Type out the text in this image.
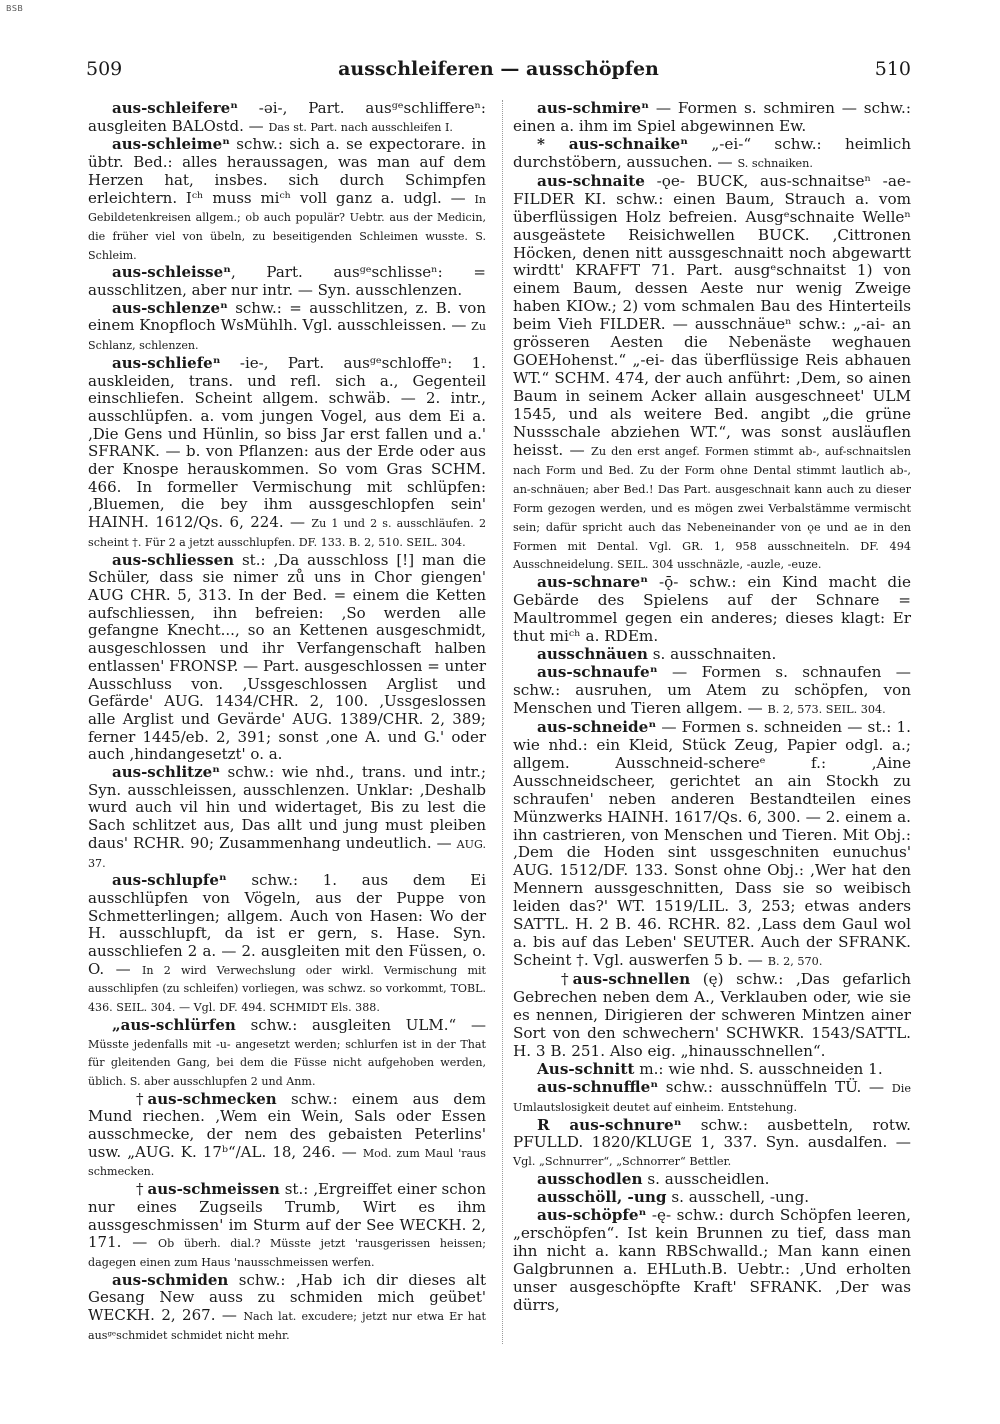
BSB
509	ausschleiferen — ausschöpfen	510

aus-schleifereⁿ -əi-, Part. ausᵍᵉschliffereⁿ: ausgleiten BALOstd. — Das st. Part. nach ausschleifen I.

aus-schleimeⁿ schw.: sich a. se expectorare. in übtr. Bed.: alles heraussagen, was man auf dem Herzen hat, insbes. sich durch Schimpfen erleichtern. Iᶜʰ muss miᶜʰ voll ganz a. udgl. — In Gebildetenkreisen allgem.; ob auch populär? Uebtr. aus der Medicin, die früher viel von übeln, zu beseitigenden Schleimen wusste. S. Schleim.

aus-schleisseⁿ, Part. ausᵍᵉschlisseⁿ: = ausschlitzen, aber nur intr. — Syn. ausschlenzen.

aus-schlenzeⁿ schw.: = ausschlitzen, z. B. von einem Knopfloch WsMühlh. Vgl. ausschleissen. — Zu Schlanz, schlenzen.

aus-schliefeⁿ -ie-, Part. ausᵍᵉschloffeⁿ: 1. auskleiden, trans. und refl. sich a., Gegenteil einschliefen. Scheint allgem. schwäb. — 2. intr., ausschlüpfen. a. vom jungen Vogel, aus dem Ei a. ‚Die Gens und Hünlin, so biss Jar erst fallen und a.' SFRANK. — b. von Pflanzen: aus der Erde oder aus der Knospe herauskommen. So vom Gras SCHM. 466. In formeller Vermischung mit schlüpfen: ‚Bluemen, die bey ihm aussgeschlopfen sein' HAINH. 1612/Qs. 6, 224. — Zu 1 und 2 s. ausschläufen. 2 scheint †. Für 2 a jetzt ausschlupfen. DF. 133. B. 2, 510. SEIL. 304.

aus-schliessen st.: ‚Da ausschloss [!] man die Schüler, dass sie nimer zů uns in Chor giengen' AUG CHR. 5, 313. In der Bed. = einem die Ketten aufschliessen, ihn befreien: ‚So werden alle gefangne Knecht..., so an Kettenen ausgeschmidt, ausgeschlossen und ihr Verfangenschaft halben entlassen' FRONSP. — Part. ausgeschlossen = unter Ausschluss von. ‚Ussgeschlossen Arglist und Gefärde' AUG. 1434/CHR. 2, 100. ‚Ussgeslossen alle Arglist und Gevärde' AUG. 1389/CHR. 2, 389; ferner 1445/eb. 2, 391; sonst ‚one A. und G.' oder auch ‚hindangesetzt' o. a.

aus-schlitzeⁿ schw.: wie nhd., trans. und intr.; Syn. ausschleissen, ausschlenzen. Unklar: ‚Deshalb wurd auch vil hin und widertaget, Bis zu lest die Sach schlitzet aus, Das allt und jung must pleiben daus' RCHR. 90; Zusammenhang undeutlich. — AUG. 37.

aus-schlupfeⁿ schw.: 1. aus dem Ei ausschlüpfen von Vögeln, aus der Puppe von Schmetterlingen; allgem. Auch von Hasen: Wo der H. ausschlupft, da ist er gern, s. Hase. Syn. ausschliefen 2 a. — 2. ausgleiten mit den Füssen, o. O. — In 2 wird Verwechslung oder wirkl. Vermischung mit ausschlipfen (zu schleifen) vorliegen, was schwz. so vorkommt, TOBL. 436. SEIL. 304. — Vgl. DF. 494. SCHMIDT Els. 388.

„aus-schlürfen schw.: ausgleiten ULM.“ — Müsste jedenfalls mit -u- angesetzt werden; schlurfen ist in der That für gleitenden Gang, bei dem die Füsse nicht aufgehoben werden, üblich. S. aber ausschlupfen 2 und Anm.

† aus-schmecken schw.: einem aus dem Mund riechen. ‚Wem ein Wein, Sals oder Essen ausschmecke, der nem des gebaisten Peterlins' usw. „AUG. K. 17ᵇ“/AL. 18, 246. — Mod. zum Maul 'raus schmecken.

† aus-schmeissen st.: ‚Ergreiffet einer schon nur eines Zugseils Trumb, Wirt es ihm aussgeschmissen' im Sturm auf der See WECKH. 2, 171. — Ob überh. dial.? Müsste jetzt 'rausgerissen heissen; dagegen einen zum Haus 'nausschmeissen werfen.

aus-schmiden schw.: ‚Hab ich dir dieses alt Gesang New auss zu schmiden mich geübet' WECKH. 2, 267. — Nach lat. excudere; jetzt nur etwa Er hat ausᵍᵉschmidet schmidet nicht mehr.

aus-schmireⁿ — Formen s. schmiren — schw.: einen a. ihm im Spiel abgewinnen Ew.

* aus-schnaikeⁿ „-ei-“ schw.: heimlich durchstöbern, aussuchen. — S. schnaiken.

aus-schnaite -ǫe- BUCK, aus-schnaitseⁿ -ae- FILDER KI. schw.: einen Baum, Strauch a. vom überflüssigen Holz befreien. Ausgᵉschnaite Welleⁿ ausgeästete Reisichwellen BUCK. ‚Cittronen Höcken, denen nitt aussgeschnaitt noch abgewartt wirdtt' KRAFFT 71. Part. ausgᵉschnaitst 1) von einem Baum, dessen Aeste nur wenig Zweige haben KIOw.; 2) vom schmalen Bau des Hinterteils beim Vieh FILDER. — ausschnäueⁿ schw.: „-ai- an grösseren Aesten die Nebenäste weghauen GOEHohenst.“ „-ei- das überflüssige Reis abhauen WT.“ SCHM. 474, der auch anführt: ‚Dem, so ainen Baum in seinem Acker allain ausgeschneet' ULM 1545, und als weitere Bed. angibt „die grüne Nussschale abziehen WT.“, was sonst ausläuflen heisst. — Zu den erst angef. Formen stimmt ab-, auf-schnaitslen nach Form und Bed. Zu der Form ohne Dental stimmt lautlich ab-, an-schnäuen; aber Bed.! Das Part. ausgeschnait kann auch zu dieser Form gezogen werden, und es mögen zwei Verbalstämme vermischt sein; dafür spricht auch das Nebeneinander von ǫe und ae in den Formen mit Dental. Vgl. GR. 1, 958 ausschneiteln. DF. 494 Ausschneidelung. SEIL. 304 usschnäzle, -auzle, -euze.

aus-schnareⁿ -ǭ- schw.: ein Kind macht die Gebärde des Spielens auf der Schnare = Maultrommel gegen ein anderes; dieses klagt: Er thut miᶜʰ a. RDEm.

ausschnäuen s. ausschnaiten.

aus-schnaufeⁿ — Formen s. schnaufen — schw.: ausruhen, um Atem zu schöpfen, von Menschen und Tieren allgem. — B. 2, 573. SEIL. 304.

aus-schneideⁿ — Formen s. schneiden — st.: 1. wie nhd.: ein Kleid, Stück Zeug, Papier odgl. a.; allgem. Ausschneid-schereᵉ f.: ‚Aine Ausschneidscheer, gerichtet an ain Stockh zu schraufen' neben anderen Bestandteilen eines Münzwerks HAINH. 1617/Qs. 6, 300. — 2. einem a. ihn castrieren, von Menschen und Tieren. Mit Obj.: ‚Dem die Hoden sint ussgeschniten eunuchus' AUG. 1512/DF. 133. Sonst ohne Obj.: ‚Wer hat den Mennern aussgeschnitten, Dass sie so weibisch leiden das?' WT. 1519/LIL. 3, 253; etwas anders SATTL. H. 2 B. 46. RCHR. 82. ‚Lass dem Gaul wol a. bis auf das Leben' SEUTER. Auch der SFRANK. Scheint †. Vgl. auswerfen 5 b. — B. 2, 570.

† aus-schnellen (ę) schw.: ‚Das gefarlich Gebrechen neben dem A., Verklauben oder, wie sie es nennen, Dirigieren der schweren Mintzen ainer Sort von den schwechern' SCHWKR. 1543/SATTL. H. 3 B. 251. Also eig. „hinausschnellen“.

Aus-schnitt m.: wie nhd. S. ausschneiden 1.

aus-schnuffleⁿ schw.: ausschnüffeln TÜ. — Die Umlautslosigkeit deutet auf einheim. Entstehung.

R aus-schnureⁿ schw.: ausbetteln, rotw. PFULLD. 1820/KLUGE 1, 337. Syn. ausdalfen. — Vgl. „Schnurrer“, „Schnorrer“ Bettler.

ausschodlen s. ausscheidlen.

ausschöll, -ung s. ausschell, -ung.

aus-schöpfeⁿ -ę- schw.: durch Schöpfen leeren, „erschöpfen“. Ist kein Brunnen zu tief, dass man ihn nicht a. kann RBSchwalld.; Man kann einen Galgbrunnen a. EHLuth.B. Uebtr.: ‚Und erholten unser ausgeschöpfte Kraft' SFRANK. ‚Der was dürrs,
